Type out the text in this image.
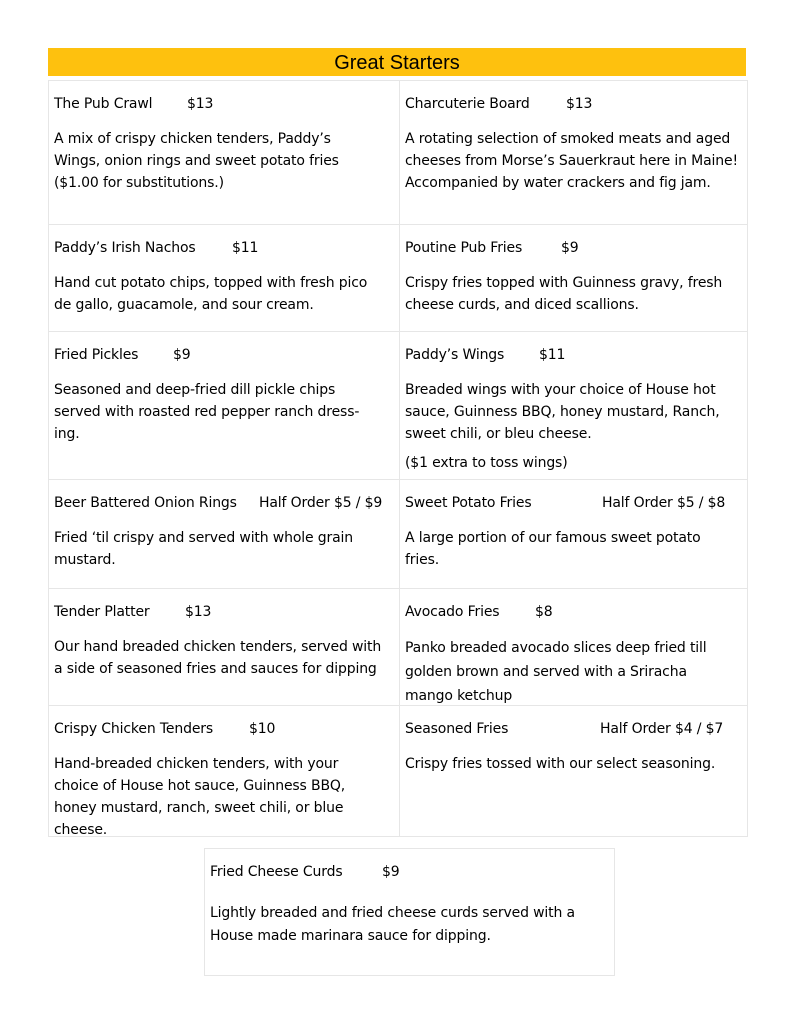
Great Starters
The Pub Crawl $13

A mix of crispy chicken tenders, Paddy’s Wings, onion rings and sweet potato fries ($1.00 for substitutions.)

Charcuterie Board	$13

A rotating selection of smoked meats and aged cheeses from Morse’s Sauerkraut here in Maine! Accompanied by water crackers and fig jam.

Paddy’s Irish Nachos	$11

Hand cut potato chips, topped with fresh pico de gallo, guacamole, and sour cream.

Poutine Pub Fries	$9

Crispy fries topped with Guinness gravy, fresh cheese curds, and diced scallions.

Fried Pickles $9

Seasoned and deep-fried dill pickle chips served with roasted red pepper ranch dress-ing.

Paddy’s Wings $11

Breaded wings with your choice of House hot sauce, Guinness BBQ, honey mustard, Ranch, sweet chili, or bleu cheese.

($1 extra to toss wings)

Beer Battered Onion Rings Half Order $5 / $9

Fried ‘til crispy and served with whole grain mustard.

Sweet Potato Fries	Half Order $5 / $8

A large portion of our famous sweet potato fries.

Tender Platter	$13

Our hand breaded chicken tenders, served with a side of seasoned fries and sauces for dipping

Avocado Fries	$8

Panko breaded avocado slices deep fried till golden brown and served with a Sriracha mango ketchup

Crispy Chicken Tenders	$10

Hand-breaded chicken tenders, with your choice of House hot sauce, Guinness BBQ, honey mustard, ranch, sweet chili, or blue cheese.

Seasoned Fries	Half Order $4 / $7

Crispy fries tossed with our select seasoning.

Fried Cheese Curds	$9

Lightly breaded and fried cheese curds served with a House made marinara sauce for dipping.
